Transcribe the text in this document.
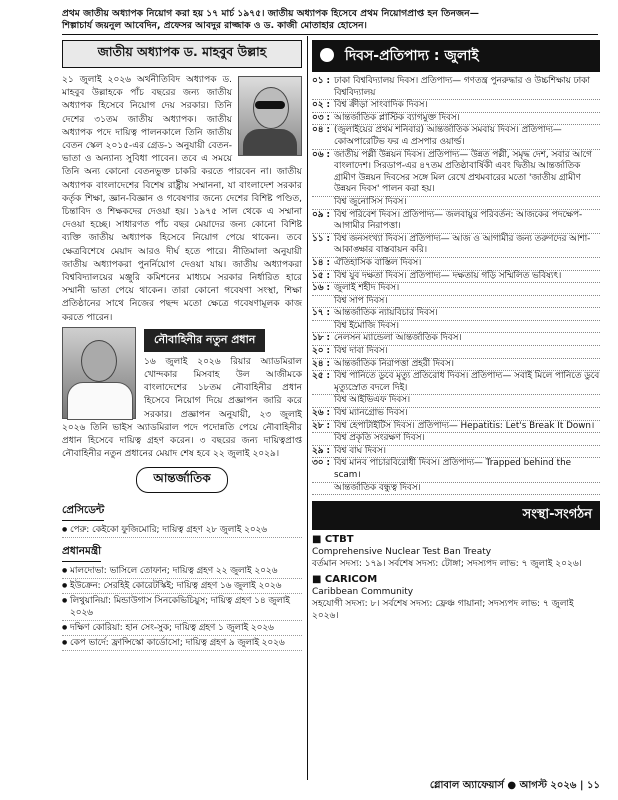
প্রথম জাতীয় অধ্যাপক নিয়োগ করা হয় ১৭ মার্চ ১৯৭৫। জাতীয় অধ্যাপক হিসেবে প্রথম নিয়োগপ্রাপ্ত হন তিনজন—
শিল্পাচার্য জয়নুল আবেদিন, প্রফেসর আবদুর রাজ্জাক ও ড. কাজী মোতাহার হোসেন।
জাতীয় অধ্যাপক ড. মাহবুব উল্লাহ

২১ জুলাই ২০২৬ অর্থনীতিবিদ অধ্যাপক ড. মাহবুব উল্লাহকে পাঁচ বছরের জন্য জাতীয় অধ্যাপক হিসেবে নিয়োগ দেয় সরকার। তিনি দেশের ৩১তম জাতীয় অধ্যাপক। জাতীয় অধ্যাপক পদে দায়িত্ব পালনকালে তিনি জাতীয় বেতন স্কেল ২০১৫-এর গ্রেড-১ অনুযায়ী বেতন-ভাতা ও অন্যান্য সুবিধা পাবেন। তবে এ সময়ে তিনি অন্য কোনো বেতনভুক্ত চাকরি করতে পারবেন না। জাতীয় অধ্যাপক বাংলাদেশের বিশেষ রাষ্ট্রীয় সম্মাননা, যা বাংলাদেশ সরকার কর্তৃক শিক্ষা, জ্ঞান-বিজ্ঞান ও গবেষণার জন্যে দেশের বিশিষ্ট পণ্ডিত, চিন্তাবিদ ও শিক্ষকদের দেওয়া হয়। ১৯৭৫ সাল থেকে এ সম্মানা দেওয়া হচ্ছে। সাধারণত পাঁচ বছর মেয়াদের জন্য কোনো বিশিষ্ট ব্যক্তি জাতীয় অধ্যাপক হিসেবে নিয়োগ পেয়ে থাকেন। তবে ক্ষেত্রবিশেষে মেয়াদ আরও দীর্ঘ হতে পারে। নীতিমালা অনুযায়ী জাতীয় অধ্যাপকরা পুনর্নিয়োগ দেওয়া যায়। জাতীয় অধ্যাপকরা বিশ্ববিদ্যালয়ের মঞ্জুরি কমিশনের মাধ্যমে সরকার নির্ধারিত হারে সম্মানী ভাতা পেয়ে থাকেন। তারা কোনো গবেষণা সংস্থা, শিক্ষা প্রতিষ্ঠানের সাথে নিজের পছন্দ মতো ক্ষেত্রে গবেষণামূলক কাজ করতে পারেন।

নৌবাহিনীর নতুন প্রধান

১৬ জুলাই ২০২৬ রিয়ার অ্যাডমিরাল খোন্দকার মিসবাহ উল আজীমকে বাংলাদেশের ১৮তম নৌবাহিনীর প্রধান হিসেবে নিয়োগ দিয়ে প্রজ্ঞাপন জারি করে সরকার। প্রজ্ঞাপন অনুযায়ী, ২৩ জুলাই ২০২৬ তিনি ভাইস অ্যাডমিরাল পদে পদোন্নতি পেয়ে নৌবাহিনীর প্রধান হিসেবে দায়িত্ব গ্রহণ করেন। ৩ বছরের জন্য দায়িত্বপ্রাপ্ত নৌবাহিনীর নতুন প্রধানের মেয়াদ শেষ হবে ২২ জুলাই ২০২৯।

আন্তর্জাতিক
প্রেসিডেন্ট
● পেরু: কেইকো ফুজিমোরি; দায়িত্ব গ্রহণ ২৮ জুলাই ২০২৬
প্রধানমন্ত্রী
● মালদোভা: ভাসিলে তোফান; দায়িত্ব গ্রহণ ২২ জুলাই ২০২৬
● ইউক্রেন: সেরহিই কোরেটস্কিই; দায়িত্ব গ্রহণ ১৬ জুলাই ২০২৬
● লিথুয়ানিয়া: মিন্ডাউগাস সিনকেভিচিয়ুস; দায়িত্ব গ্রহণ ১৪ জুলাই ২০২৬
● দক্ষিণ কোরিয়া: হান সেং-সুক; দায়িত্ব গ্রহণ ১ জুলাই ২০২৬
● কেপ ভার্দে: ফ্রান্সিস্কো কার্ডোসো; দায়িত্ব গ্রহণ ৯ জুলাই ২০২৬
দিবস-প্রতিপাদ্য : জুলাই
০১ : ঢাকা বিশ্ববিদ্যালয় দিবস। প্রতিপাদ্য— গণতন্ত্র পুনরুদ্ধার ও উচ্চশিক্ষায় ঢাকা বিশ্ববিদ্যালয়
০২ : বিশ্ব ক্রীড়া সাংবাদিক দিবস।
০৩ : আন্তর্জাতিক প্লাস্টিক ব্যাগমুক্ত দিবস।
০৪ : (জুলাইয়ের প্রথম শনিবার) আন্তর্জাতিক সমবায় দিবস। প্রতিপাদ্য— কোঅপারেটিভ ফর এ প্রসপার ওয়ার্ল্ড।
০৬ : জাতীয় পল্লী উন্নয়ন দিবস। প্রতিপাদ্য— উন্নত পল্লী, সমৃদ্ধ দেশ, সবার আগে বাংলাদেশ। সিরডাপ-এর ৪৭তম প্রতিষ্ঠাবার্ষিকী এবং দ্বিতীয় আন্তর্জাতিক গ্রামীণ উন্নয়ন দিবসের সঙ্গে মিল রেখে প্রথমবারের মতো 'জাতীয় গ্রামীণ উন্নয়ন দিবস' পালন করা হয়।
বিশ্ব জুনোসিস দিবস।
০৯ : বিশ্ব পরিবেশ দিবস। প্রতিপাদ্য— জলবায়ুর পরিবর্তন: আজকের পদক্ষেপ-আগামীর নিরাপত্তা।
১১ : বিশ্ব জনসংখ্যা দিবস। প্রতিপাদ্য— আজ ও আগামীর জন্য তরুণদের আশা-আকাঙ্ক্ষার বাস্তবায়ন করি।
১৪ : ঐতিহাসিক বাস্তিল দিবস।
১৫ : বিশ্ব যুব দক্ষতা দিবস। প্রতিপাদ্য— দক্ষতায় গড়ি সম্মিলিত ভবিষ্যৎ।
১৬ : জুলাই শহীদ দিবস।
বিশ্ব সাপ দিবস।
১৭ : আন্তর্জাতিক ন্যায়বিচার দিবস।
বিশ্ব ইমোজি দিবস।
১৮ : নেলসন ম্যান্ডেলা আন্তর্জাতিক দিবস।
২০ : বিশ্ব দাবা দিবস।
২৪ : আন্তর্জাতিক নিরাপত্তা প্রহরী দিবস।
২৫ : বিশ্ব পানিতে ডুবে মৃত্যু প্রতিরোধ দিবস। প্রতিপাদ্য— সবাই মিলে পানিতে ডুবে মৃত্যুস্রোত বদলে দিই।
বিশ্ব আইভিএফ দিবস।
২৬ : বিশ্ব ম্যানগ্রোভ দিবস।
২৮ : বিশ্ব হেপাটাইটিস দিবস। প্রতিপাদ্য— Hepatitis: Let's Break It Down।
বিশ্ব প্রকৃতি সংরক্ষণ দিবস।
২৯ : বিশ্ব বাঘ দিবস।
৩০ : বিশ্ব মানব পাচারবিরোধী দিবস। প্রতিপাদ্য— Trapped behind the scam।
আন্তর্জাতিক বন্ধুত্ব দিবস।
সংস্থা-সংগঠন
■ CTBT
Comprehensive Nuclear Test Ban Treaty
বর্তমান সদস্য: ১৭৯। সর্বশেষ সদস্য: টোঙ্গা; সদস্যপদ লাভ: ৭ জুলাই ২০২৬।
■ CARICOM
Caribbean Community
সহযোগী সদস্য: ৮। সর্বশেষ সদস্য: ফ্রেঞ্চ গায়ানা; সদস্যপদ লাভ: ৭ জুলাই ২০২৬।
গ্লোবাল অ্যাফেয়ার্স ● আগস্ট ২০২৬ | ১১
